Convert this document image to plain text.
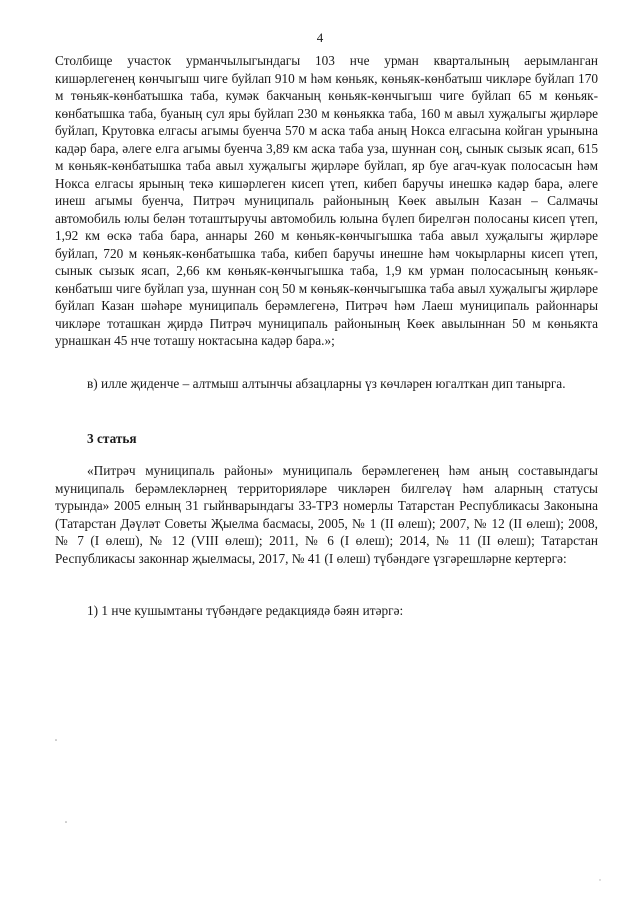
4

Столбище участок урманчылыгындагы 103 нче урман кварталының аерымланган кишәрлегенең көнчыгыш чиге буйлап 910 м һәм көньяк, көньяк-көнбатыш чикләре буйлап 170 м төньяк-көнбатышка таба, кумәк бакчаның көньяк-көнчыгыш чиге буйлап 65 м көньяк-көнбатышка таба, буаның сул яры буйлап 230 м көньякка таба, 160 м авыл хуҗалыгы җирләре буйлап, Крутовка елгасы агымы буенча 570 м аска таба аның Нокса елгасына койган урынына кадәр бара, әлеге елга агымы буенча 3,89 км аска таба уза, шуннан соң, сынык сызык ясап, 615 м көньяк-көнбатышка таба авыл хуҗалыгы җирләре буйлап, яр буе агач-куак полосасын һәм Нокса елгасы ярының текә кишәрлеген кисеп үтеп, кибеп баручы инешкә кадәр бара, әлеге инеш агымы буенча, Питрәч муниципаль районының Көек авылын Казан – Салмачы автомобиль юлы белән тоташтыручы автомобиль юлына бүлеп бирелгән полосаны кисеп үтеп, 1,92 км өскә таба бара, аннары 260 м көньяк-көнчыгышка таба авыл хуҗалыгы җирләре буйлап, 720 м көньяк-көнбатышка таба, кибеп баручы инешне һәм чокырларны кисеп үтеп, сынык сызык ясап, 2,66 км көньяк-көнчыгышка таба, 1,9 км урман полосасының көньяк-көнбатыш чиге буйлап уза, шуннан соң 50 м көньяк-көнчыгышка таба авыл хуҗалыгы җирләре буйлап Казан шәһәре муниципаль берәмлегенә, Питрәч һәм Лаеш муниципаль районнары чикләре тоташкан җирдә Питрәч муниципаль районының Көек авылыннан 50 м көньякта урнашкан 45 нче тоташу ноктасына кадәр бара.»;

в) илле җиденче – алтмыш алтынчы абзацларны үз көчләрен югалткан дип танырга.

3 статья

«Питрәч муниципаль районы» муниципаль берәмлегенең һәм аның составындагы муниципаль берәмлекләрнең территорияләре чикләрен билгеләү һәм аларның статусы турында» 2005 елның 31 гыйнварындагы 33-ТРЗ номерлы Татарстан Республикасы Законына (Татарстан Дәүләт Советы Җыелма басмасы, 2005, № 1 (II өлеш); 2007, № 12 (II өлеш); 2008, № 7 (I өлеш), № 12 (VIII өлеш); 2011, № 6 (I өлеш); 2014, № 11 (II өлеш); Татарстан Республикасы законнар җыелмасы, 2017, № 41 (I өлеш) түбәндәге үзгәрешләрне кертергә:

1) 1 нче кушымтаны түбәндәге редакциядә бәян итәргә:
